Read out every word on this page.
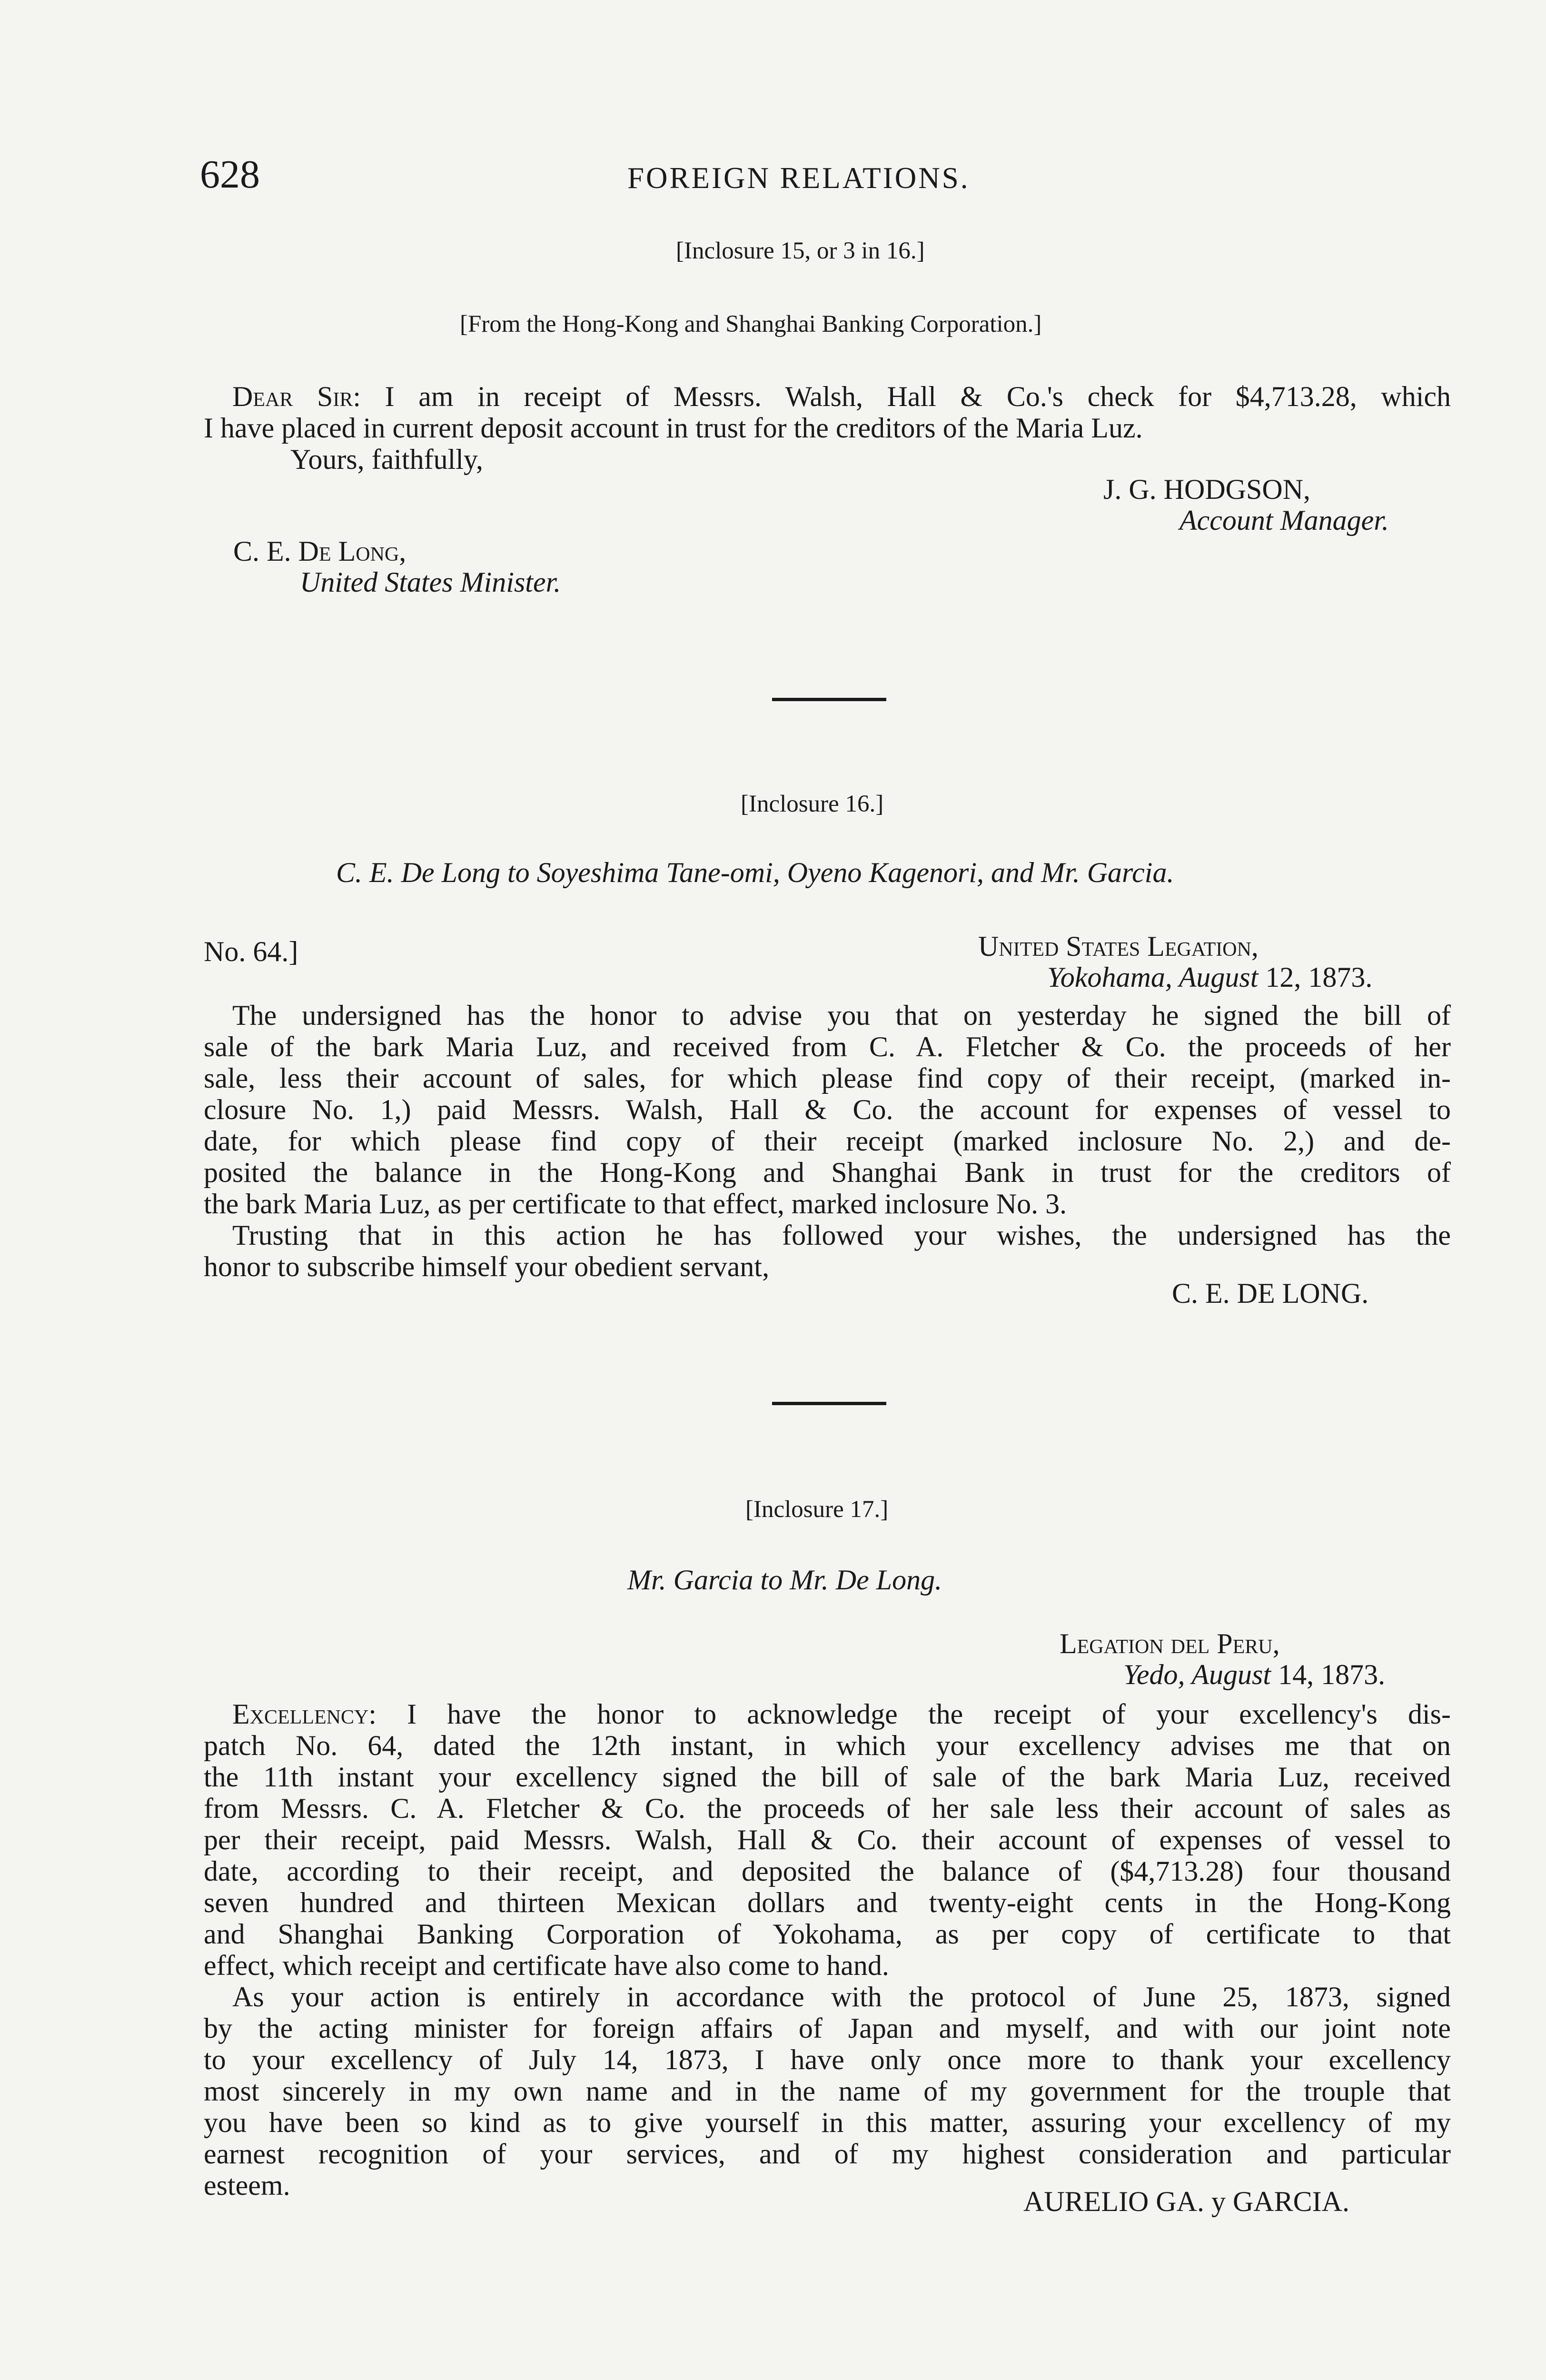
628	FOREIGN RELATIONS.
[Inclosure 15, or 3 in 16.]
[From the Hong-Kong and Shanghai Banking Corporation.]
Dear Sir: I am in receipt of Messrs. Walsh, Hall & Co.'s check for $4,713.28, which
I have placed in current deposit account in trust for the creditors of the Maria Luz.
Yours, faithfully,
J. G. HODGSON,
Account Manager.
C. E. De Long,
United States Minister.
[Inclosure 16.]
C. E. De Long to Soyeshima Tane-omi, Oyeno Kagenori, and Mr. Garcia.
No. 64.]	United States Legation,
Yokohama, August 12, 1873.
The undersigned has the honor to advise you that on yesterday he signed the bill of
sale of the bark Maria Luz, and received from C. A. Fletcher & Co. the proceeds of her
sale, less their account of sales, for which please find copy of their receipt, (marked in-
closure No. 1,) paid Messrs. Walsh, Hall & Co. the account for expenses of vessel to
date, for which please find copy of their receipt (marked inclosure No. 2,) and de-
posited the balance in the Hong-Kong and Shanghai Bank in trust for the creditors of
the bark Maria Luz, as per certificate to that effect, marked inclosure No. 3.
Trusting that in this action he has followed your wishes, the undersigned has the
honor to subscribe himself your obedient servant,
C. E. DE LONG.
[Inclosure 17.]
Mr. Garcia to Mr. De Long.
Legation del Peru,
Yedo, August 14, 1873.
Excellency: I have the honor to acknowledge the receipt of your excellency's dis-
patch No. 64, dated the 12th instant, in which your excellency advises me that on
the 11th instant your excellency signed the bill of sale of the bark Maria Luz, received
from Messrs. C. A. Fletcher & Co. the proceeds of her sale less their account of sales as
per their receipt, paid Messrs. Walsh, Hall & Co. their account of expenses of vessel to
date, according to their receipt, and deposited the balance of ($4,713.28) four thousand
seven hundred and thirteen Mexican dollars and twenty-eight cents in the Hong-Kong
and Shanghai Banking Corporation of Yokohama, as per copy of certificate to that
effect, which receipt and certificate have also come to hand.
As your action is entirely in accordance with the protocol of June 25, 1873, signed
by the acting minister for foreign affairs of Japan and myself, and with our joint note
to your excellency of July 14, 1873, I have only once more to thank your excellency
most sincerely in my own name and in the name of my government for the trouple that
you have been so kind as to give yourself in this matter, assuring your excellency of my
earnest recognition of your services, and of my highest consideration and particular
esteem.
AURELIO GA. y GARCIA.
